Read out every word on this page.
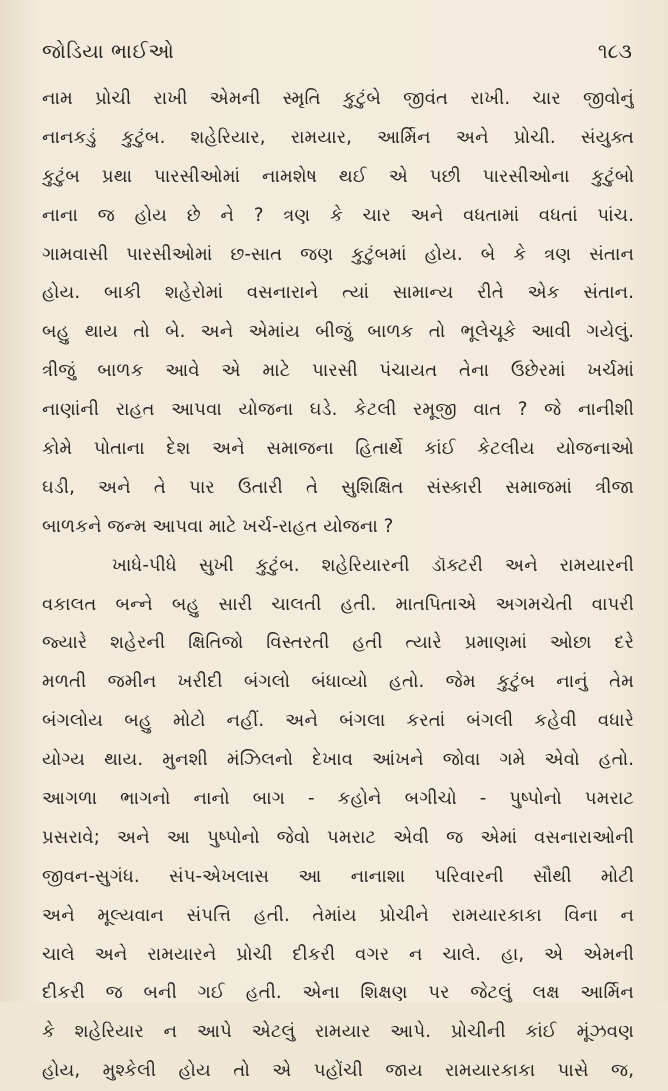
જોડિયા ભાઈઓ	૧૮૩
નામ પ્રોચી રાખી એમની સ્મૃતિ કુટુંબે જીવંત રાખી. ચાર જીવોનું
નાનકડું કુટુંબ. શહેરિયાર, રામયાર, આર્મિન અને પ્રોચી. સંયુક્ત
કુટુંબ પ્રથા પારસીઓમાં નામશેષ થઈ એ પછી પારસીઓના કુટુંબો
નાના જ હોય છે ને ? ત્રણ કે ચાર અને વધતામાં વધતાં પાંચ.
ગામવાસી પારસીઓમાં છ-સાત જણ કુટુંબમાં હોય. બે કે ત્રણ સંતાન
હોય. બાકી શહેરોમાં વસનારાને ત્યાં સામાન્ય રીતે એક સંતાન.
બહુ થાય તો બે. અને એમાંય બીજું બાળક તો ભૂલેચૂકે આવી ગયેલું.
ત્રીજું બાળક આવે એ માટે પારસી પંચાયત તેના ઉછેરમાં ખર્ચમાં
નાણાંની રાહત આપવા યોજના ઘડે. કેટલી રમૂજી વાત ? જે નાનીશી
કોમે પોતાના દેશ અને સમાજના હિતાર્થે કાંઈ કેટલીય યોજનાઓ
ઘડી, અને તે પાર ઉતારી તે સુશિક્ષિત સંસ્કારી સમાજમાં ત્રીજા
બાળકને જન્મ આપવા માટે ખર્ચ-રાહત યોજના ?
ખાધે-પીધે સુખી કુટુંબ. શહેરિયારની ડૉક્ટરી અને રામયારની
વકાલત બન્ને બહુ સારી ચાલતી હતી. માતપિતાએ અગમચેતી વાપરી
જ્યારે શહેરની ક્ષિતિજો વિસ્તરતી હતી ત્યારે પ્રમાણમાં ઓછા દરે
મળતી જમીન ખરીદી બંગલો બંધાવ્યો હતો. જેમ કુટુંબ નાનું તેમ
બંગલોય બહુ મોટો નહીં. અને બંગલા કરતાં બંગલી કહેવી વધારે
યોગ્ય થાય. મુનશી મંઝિલનો દેખાવ આંખને જોવા ગમે એવો હતો.
આગળા ભાગનો નાનો બાગ - કહોને બગીચો - પુષ્પોનો પમરાટ
પ્રસરાવે; અને આ પુષ્પોનો જેવો પમરાટ એવી જ એમાં વસનારાઓની
જીવન-સુગંધ. સંપ-એખલાસ આ નાનાશા પરિવારની સૌથી મોટી
અને મૂલ્યવાન સંપત્તિ હતી. તેમાંય પ્રોચીને રામયારકાકા વિના ન
ચાલે અને રામયારને પ્રોચી દીકરી વગર ન ચાલે. હા, એ એમની
દીકરી જ બની ગઈ હતી. એના શિક્ષણ પર જેટલું લક્ષ આર્મિન
કે શહેરિયાર ન આપે એટલું રામયાર આપે. પ્રોચીની કાંઈ મૂંઝવણ
હોય, મુશ્કેલી હોય તો એ પહોંચી જાય રામયારકાકા પાસે જ,
